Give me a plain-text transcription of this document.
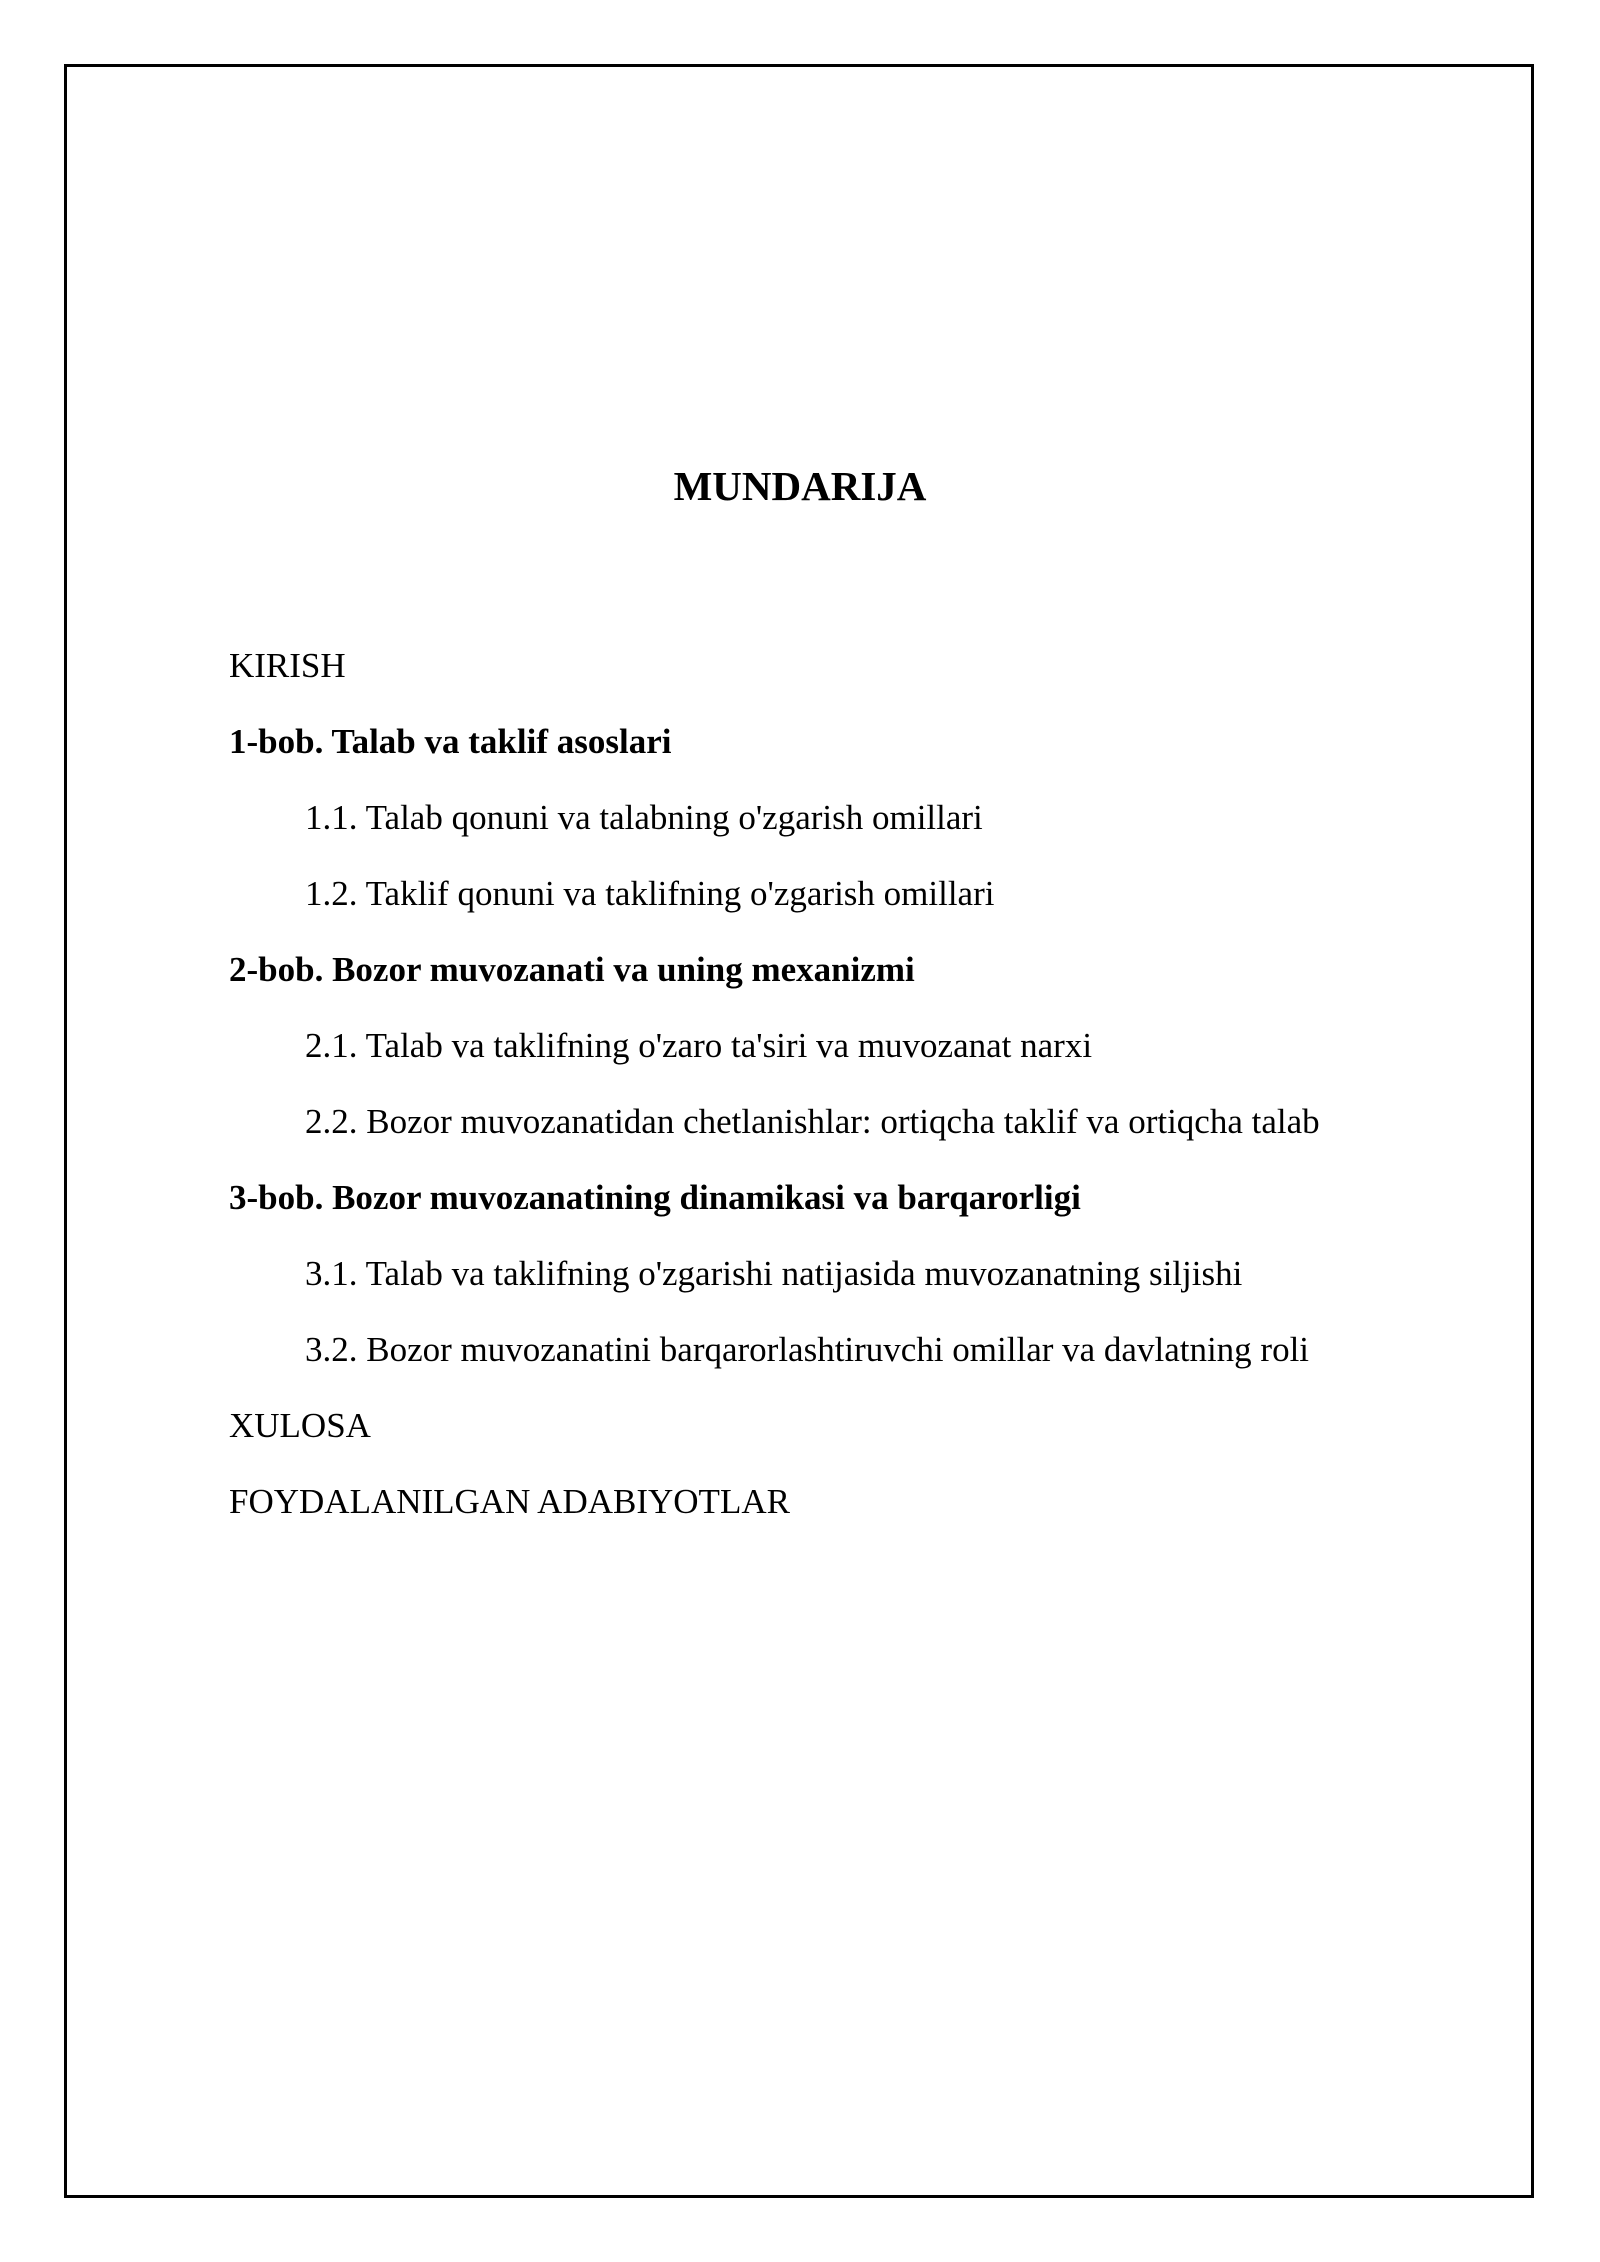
MUNDARIJA
KIRISH
1-bob. Talab va taklif asoslari
1.1. Talab qonuni va talabning o'zgarish omillari
1.2. Taklif qonuni va taklifning o'zgarish omillari
2-bob. Bozor muvozanati va uning mexanizmi
2.1. Talab va taklifning o'zaro ta'siri va muvozanat narxi
2.2. Bozor muvozanatidan chetlanishlar: ortiqcha taklif va ortiqcha talab
3-bob. Bozor muvozanatining dinamikasi va barqarorligi
3.1. Talab va taklifning o'zgarishi natijasida muvozanatning siljishi
3.2. Bozor muvozanatini barqarorlashtiruvchi omillar va davlatning roli
XULOSA
FOYDALANILGAN ADABIYOTLAR
